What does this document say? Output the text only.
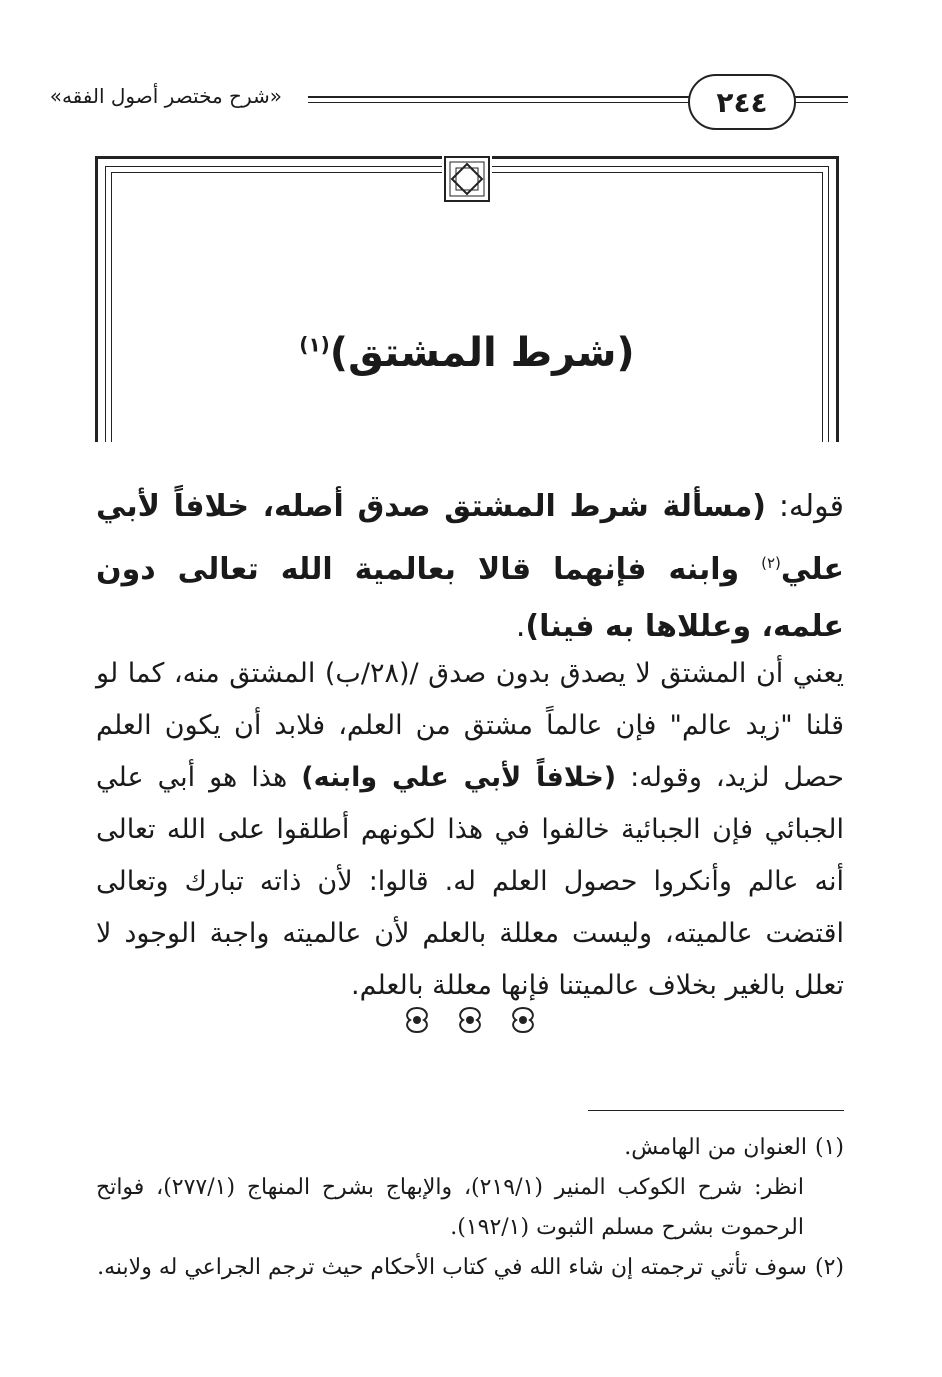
«شرح مختصر أصول الفقه»	٢٤٤
(شرط المشتق)$^{(١)}$
قوله: (مسألة شرط المشتق صدق أصله، خلافاً لأبي علي$^{(٢)}$ وابنه فإنهما قالا بعالمية الله تعالى دون علمه، وعللاها به فينا).
يعني أن المشتق لا يصدق بدون صدق /(٢٨/ب) المشتق منه، كما لو قلنا "زيد عالم" فإن عالماً مشتق من العلم، فلابد أن يكون العلم حصل لزيد، وقوله: (خلافاً لأبي علي وابنه) هذا هو أبي علي الجبائي فإن الجبائية خالفوا في هذا لكونهم أطلقوا على الله تعالى أنه عالم وأنكروا حصول العلم له. قالوا: لأن ذاته تبارك وتعالى اقتضت عالميته، وليست معللة بالعلم لأن عالميته واجبة الوجود لا تعلل بالغير بخلاف عالميتنا فإنها معللة بالعلم.
(١)العنوان من الهامش.
انظر: شرح الكوكب المنير (٢١٩/١)، والإبهاج بشرح المنهاج (٢٧٧/١)، فواتح الرحموت بشرح مسلم الثبوت (١٩٢/١).
(٢)سوف تأتي ترجمته إن شاء الله في كتاب الأحكام حيث ترجم الجراعي له ولابنه.
